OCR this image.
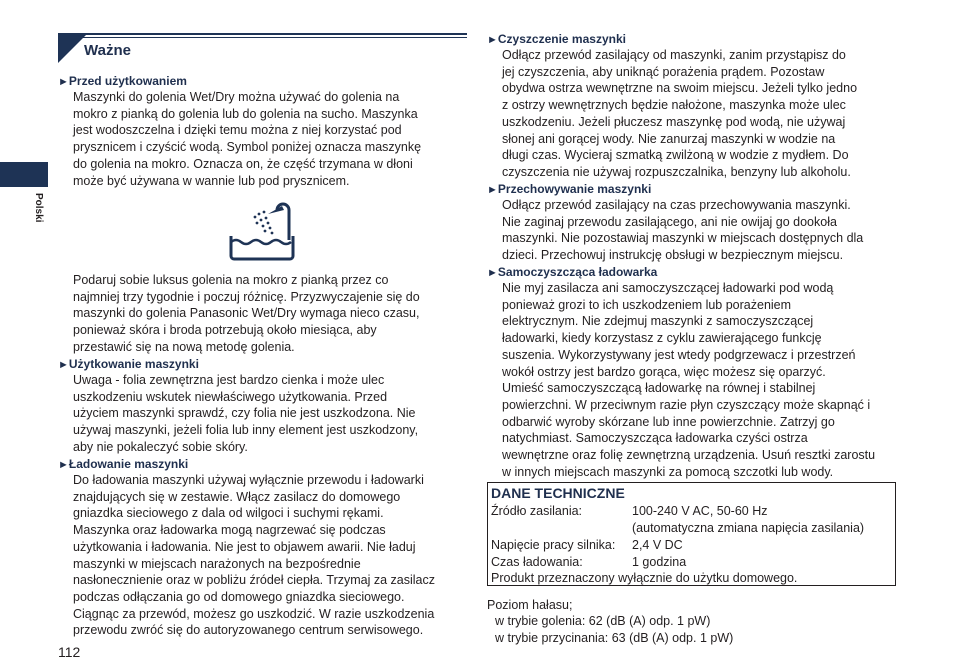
Polski
Ważne
►Przed użytkowaniem
Maszynki do golenia Wet/Dry można używać do golenia na
mokro z pianką do golenia lub do golenia na sucho. Maszynka
jest wodoszczelna i dzięki temu można z niej korzystać pod
prysznicem i czyścić wodą. Symbol poniżej oznacza maszynkę
do golenia na mokro. Oznacza on, że część trzymana w dłoni
może być używana w wannie lub pod prysznicem.
Podaruj sobie luksus golenia na mokro z pianką przez co
najmniej trzy tygodnie i poczuj różnicę. Przyzwyczajenie się do
maszynki do golenia Panasonic Wet/Dry wymaga nieco czasu,
ponieważ skóra i broda potrzebują około miesiąca, aby
przestawić się na nową metodę golenia.
►Użytkowanie maszynki
Uwaga - folia zewnętrzna jest bardzo cienka i może ulec
uszkodzeniu wskutek niewłaściwego użytkowania. Przed
użyciem maszynki sprawdź, czy folia nie jest uszkodzona. Nie
używaj maszynki, jeżeli folia lub inny element jest uszkodzony,
aby nie pokaleczyć sobie skóry.
►Ładowanie maszynki
Do ładowania maszynki używaj wyłącznie przewodu i ładowarki
znajdujących się w zestawie. Włącz zasilacz do domowego
gniazdka sieciowego z dala od wilgoci i suchymi rękami.
Maszynka oraz ładowarka mogą nagrzewać się podczas
użytkowania i ładowania. Nie jest to objawem awarii. Nie ładuj
maszynki w miejscach narażonych na bezpośrednie
nasłonecznienie oraz w pobliżu źródeł ciepła. Trzymaj za zasilacz
podczas odłączania go od domowego gniazdka sieciowego.
Ciągnąc za przewód, możesz go uszkodzić. W razie uszkodzenia
przewodu zwróć się do autoryzowanego centrum serwisowego.
112
►Czyszczenie maszynki
Odłącz przewód zasilający od maszynki, zanim przystąpisz do
jej czyszczenia, aby uniknąć porażenia prądem. Pozostaw
obydwa ostrza wewnętrzne na swoim miejscu. Jeżeli tylko jedno
z ostrzy wewnętrznych będzie nałożone, maszynka może ulec
uszkodzeniu. Jeżeli płuczesz maszynkę pod wodą, nie używaj
słonej ani gorącej wody. Nie zanurzaj maszynki w wodzie na
długi czas. Wycieraj szmatką zwilżoną w wodzie z mydłem. Do
czyszczenia nie używaj rozpuszczalnika, benzyny lub alkoholu.
►Przechowywanie maszynki
Odłącz przewód zasilający na czas przechowywania maszynki.
Nie zaginaj przewodu zasilającego, ani nie owijaj go dookoła
maszynki. Nie pozostawiaj maszynki w miejscach dostępnych dla
dzieci. Przechowuj instrukcję obsługi w bezpiecznym miejscu.
►Samoczyszcząca ładowarka
Nie myj zasilacza ani samoczyszczącej ładowarki pod wodą
ponieważ grozi to ich uszkodzeniem lub porażeniem
elektrycznym. Nie zdejmuj maszynki z samoczyszczącej
ładowarki, kiedy korzystasz z cyklu zawierającego funkcję
suszenia. Wykorzystywany jest wtedy podgrzewacz i przestrzeń
wokół ostrzy jest bardzo gorąca, więc możesz się oparzyć.
Umieść samoczyszczącą ładowarkę na równej i stabilnej
powierzchni. W przeciwnym razie płyn czyszczący może skapnąć i
odbarwić wyroby skórzane lub inne powierzchnie. Zatrzyj go
natychmiast. Samoczyszcząca ładowarka czyści ostrza
wewnętrzne oraz folię zewnętrzną urządzenia. Usuń resztki zarostu
w innych miejscach maszynki za pomocą szczotki lub wody.
DANE TECHNICZNE
Źródło zasilania:	100-240 V AC, 50-60 Hz
(automatyczna zmiana napięcia zasilania)
Napięcie pracy silnika: 2,4 V DC
Czas ładowania:	1 godzina
Produkt przeznaczony wyłącznie do użytku domowego.
Poziom hałasu;
w trybie golenia: 62 (dB (A) odp. 1 pW)
w trybie przycinania: 63 (dB (A) odp. 1 pW)
